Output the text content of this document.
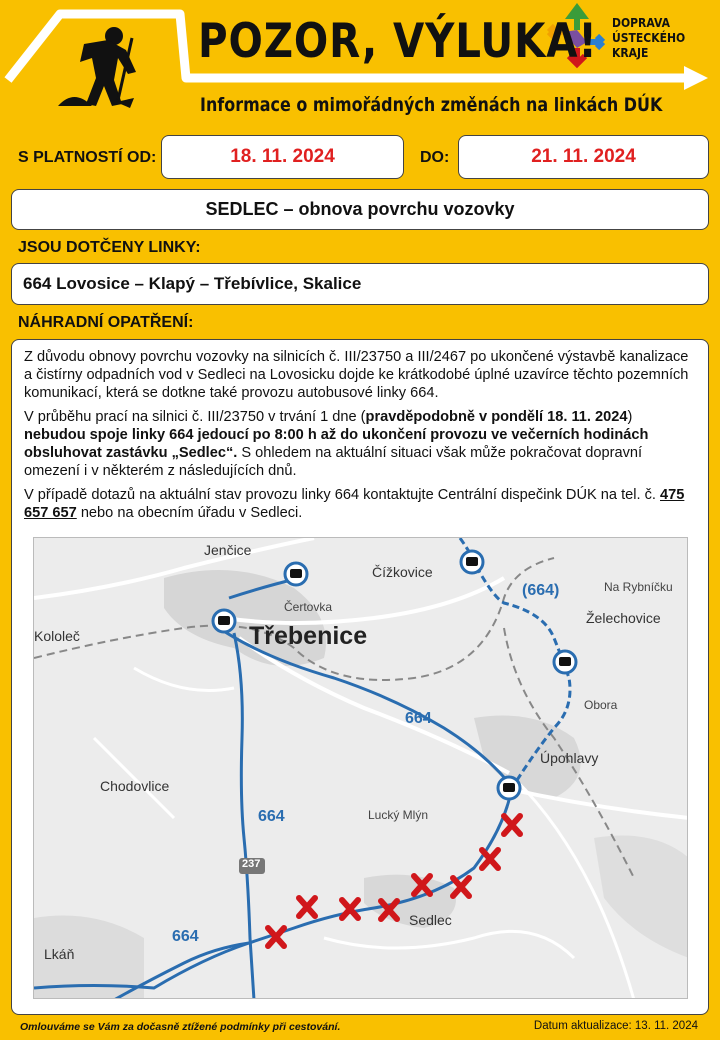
POZOR, VÝLUKA!
Informace o mimořádných změnách na linkách DÚK
DOPRAVA
ÚSTECKÉHO
KRAJE
S PLATNOSTÍ OD:	18. 11. 2024	DO:	21. 11. 2024
SEDLEC – obnova povrchu vozovky
JSOU DOTČENY LINKY:
664 Lovosice – Klapý – Třebívlice, Skalice
NÁHRADNÍ OPATŘENÍ:

Z důvodu obnovy povrchu vozovky na silnicích č. III/23750 a III/2467 po ukončené výstavbě kanalizace a čistírny odpadních vod v Sedleci na Lovosicku dojde ke krátkodobé úplné uzavírce těchto pozemních komunikací, která se dotkne také provozu autobusové linky 664.

V průběhu prací na silnici č. III/23750 v trvání 1 dne (pravděpodobně v pondělí 18. 11. 2024) nebudou spoje linky 664 jedoucí po 8:00 h až do ukončení provozu ve večerních hodinách obsluhovat zastávku „Sedlec“. S ohledem na aktuální situaci však může pokračovat dopravní omezení i v některém z následujících dnů.

V případě dotazů na aktuální stav provozu linky 664 kontaktujte Centrální dispečink DÚK na tel. č. 475 657 657 nebo na obecním úřadu v Sedleci.

Jenčice
Čížkovice
Čertovka
Třebenice
Kololeč
Na Rybníčku
Želechovice
Obora
Úpohlavy
Chodovlice
Lucký Mlýn
Sedlec
Lkáň
664
664
664
(664)
237
Omlouváme se Vám za dočasně ztížené podmínky při cestování.	Datum aktualizace: 13. 11. 2024
